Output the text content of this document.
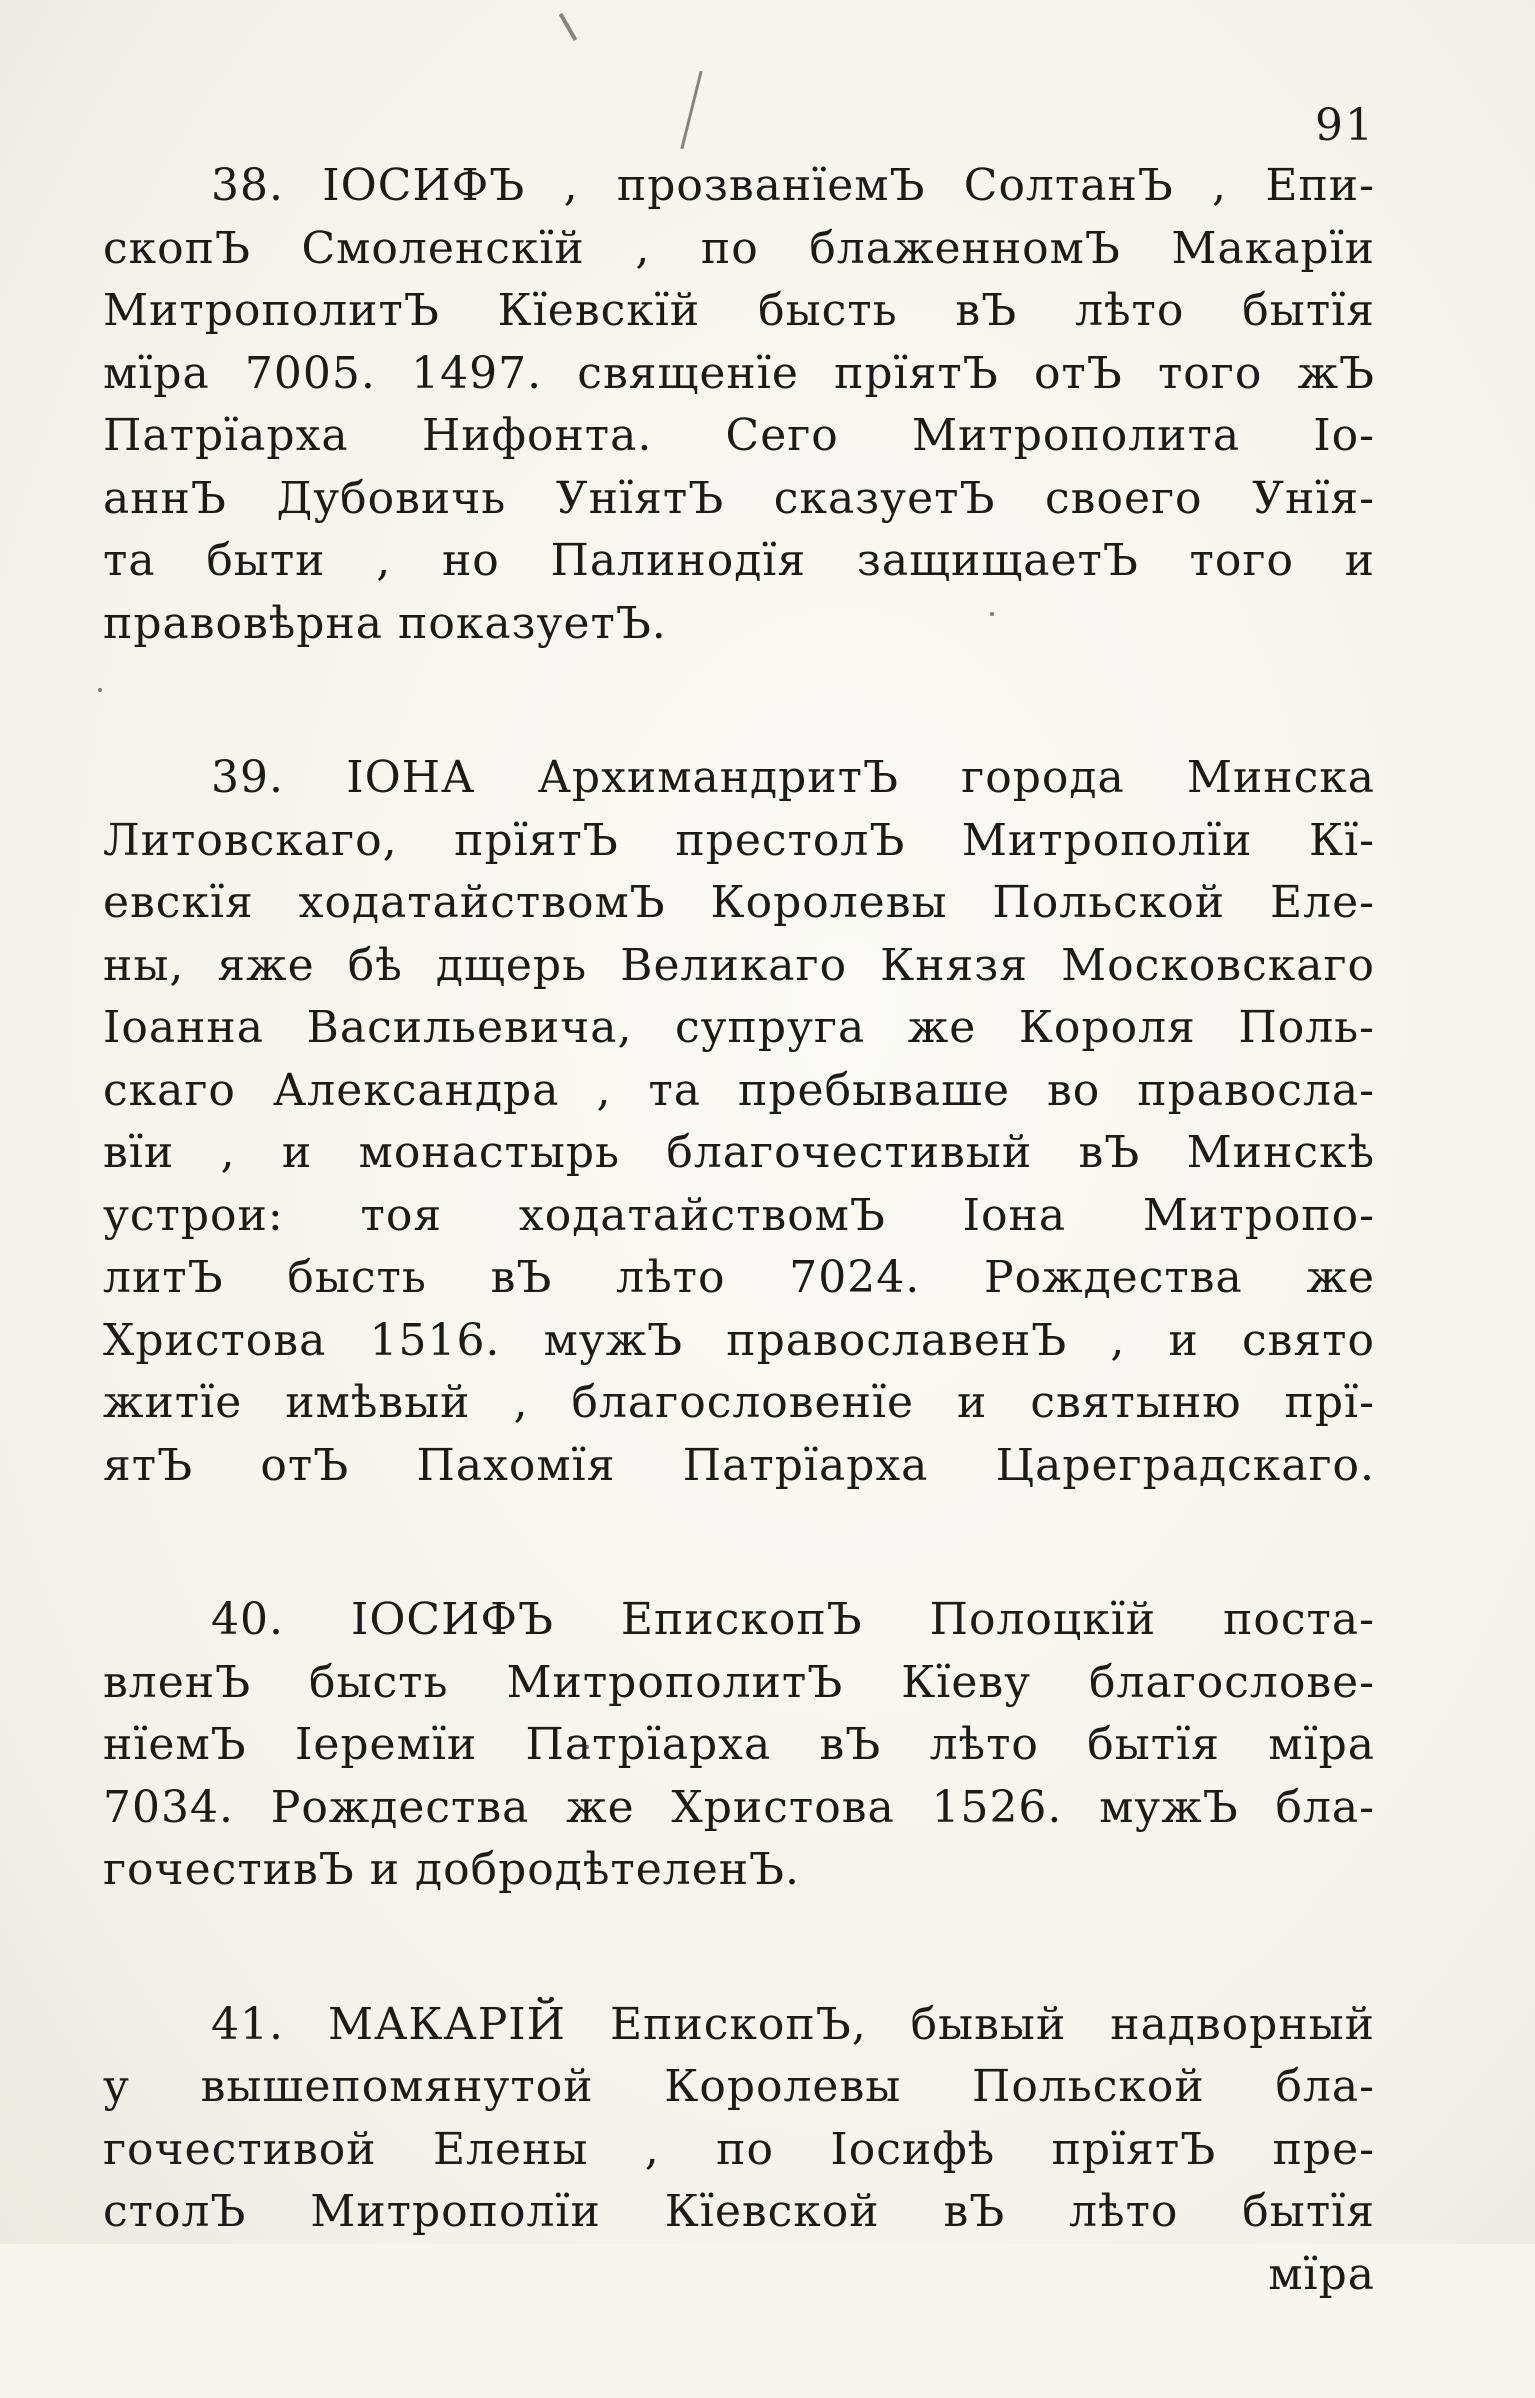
91
38. ІОСИФЪ , прозванїемЪ СолтанЪ , Епи-
скопЪ Смоленскїй , по блаженномЪ Макарїи
МитрополитЪ Кїевскїй бысть вЪ лѣто бытїя
мїра 7005. 1497. священїе прїятЪ отЪ того жЪ
Патрїарха Нифонта. Сего Митрополита Іо-
аннЪ Дубовичь УнїятЪ сказуетЪ своего Унїя-
та быти , но Палинодїя защищаетЪ того и
правовѣрна показуетЪ.
39. ІОНА АрхимандритЪ города Минска
Литовскаго, прїятЪ престолЪ Митрополїи Кї-
евскїя ходатайствомЪ Королевы Польской Еле-
ны, яже бѣ дщерь Великаго Князя Московскаго
Іоанна Васильевича, супруга же Короля Поль-
скаго Александра , та пребываше во правосла-
вїи , и монастырь благочестивый вЪ Минскѣ
устрои: тоя ходатайствомЪ Іона Митропо-
литЪ бысть вЪ лѣто 7024. Рождества же
Христова 1516. мужЪ православенЪ , и свято
житїе имѣвый , благословенїе и святыню прї-
ятЪ отЪ Пахомїя Патрїарха Цареградскаго.
40. ІОСИФЪ ЕпископЪ Полоцкїй поста-
вленЪ бысть МитрополитЪ Кїеву благослове-
нїемЪ Іеремїи Патрїарха вЪ лѣто бытїя мїра
7034. Рождества же Христова 1526. мужЪ бла-
гочестивЪ и добродѣтеленЪ.
41. МАКАРІЙ ЕпископЪ, бывый надворный
у вышепомянутой Королевы Польской бла-
гочестивой Елены , по Іосифѣ прїятЪ пре-
столЪ Митрополїи Кїевской вЪ лѣто бытїя
мїра
